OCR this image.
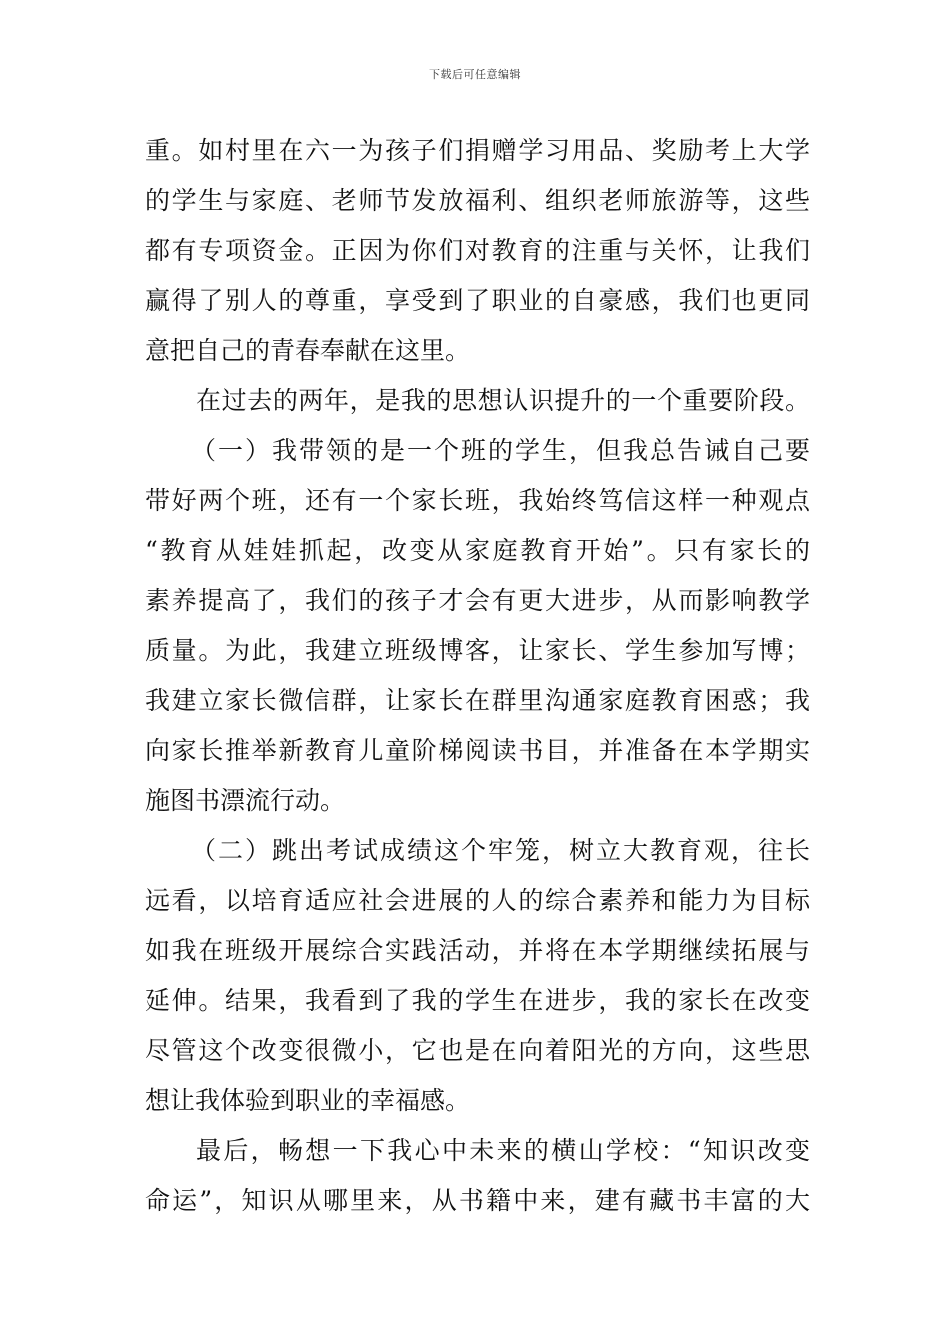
下载后可任意编辑
重。如村里在六一为孩子们捐赠学习用品、奖励考上大学
的学生与家庭、老师节发放福利、组织老师旅游等，这些
都有专项资金。正因为你们对教育的注重与关怀，让我们
赢得了别人的尊重，享受到了职业的自豪感，我们也更同
意把自己的青春奉献在这里。
在过去的两年，是我的思想认识提升的一个重要阶段。
（一）我带领的是一个班的学生，但我总告诫自己要
带好两个班，还有一个家长班，我始终笃信这样一种观点
“教育从娃娃抓起，改变从家庭教育开始”。只有家长的
素养提高了，我们的孩子才会有更大进步，从而影响教学
质量。为此，我建立班级博客，让家长、学生参加写博；
我建立家长微信群，让家长在群里沟通家庭教育困惑；我
向家长推举新教育儿童阶梯阅读书目，并准备在本学期实
施图书漂流行动。
（二）跳出考试成绩这个牢笼，树立大教育观，往长
远看，以培育适应社会进展的人的综合素养和能力为目标
如我在班级开展综合实践活动，并将在本学期继续拓展与
延伸。结果，我看到了我的学生在进步，我的家长在改变
尽管这个改变很微小，它也是在向着阳光的方向，这些思
想让我体验到职业的幸福感。
最后，畅想一下我心中未来的横山学校：“知识改变
命运”，知识从哪里来，从书籍中来，建有藏书丰富的大
